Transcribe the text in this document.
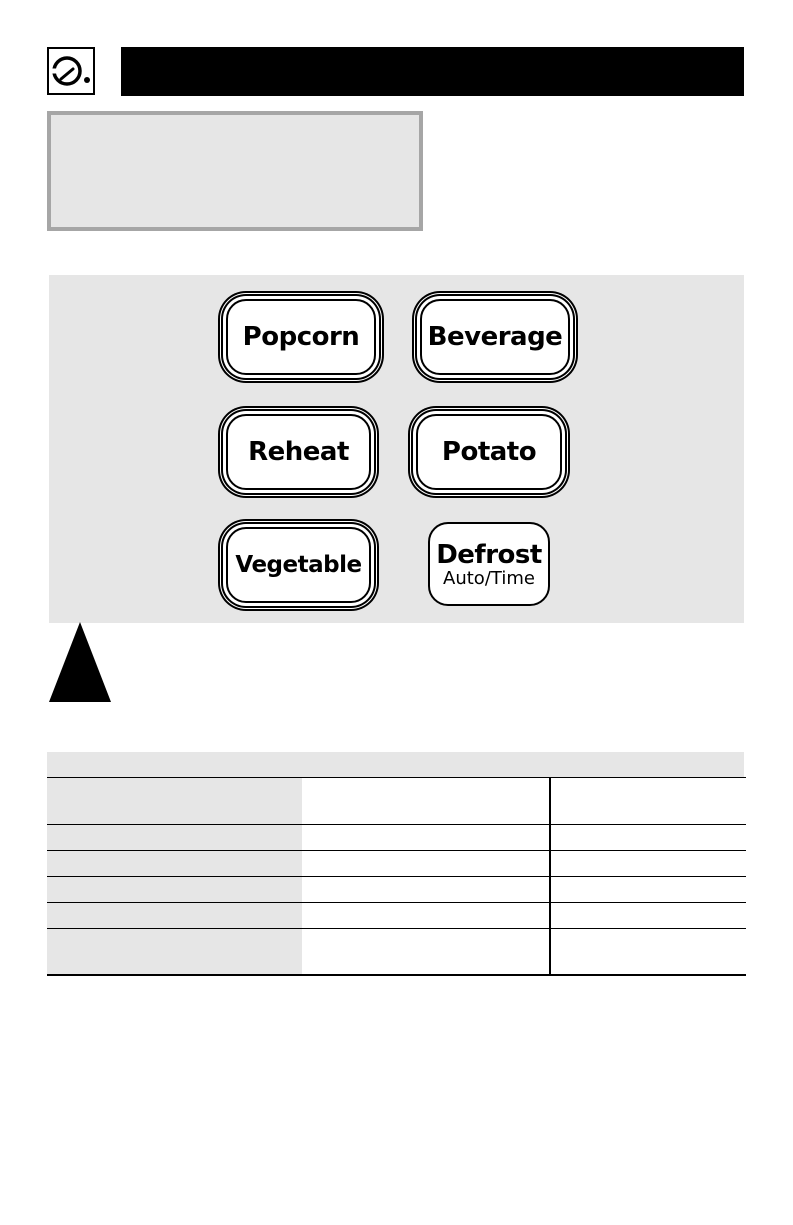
Popcorn	Beverage
Reheat	Potato
Vegetable	Defrost
Auto/Time
